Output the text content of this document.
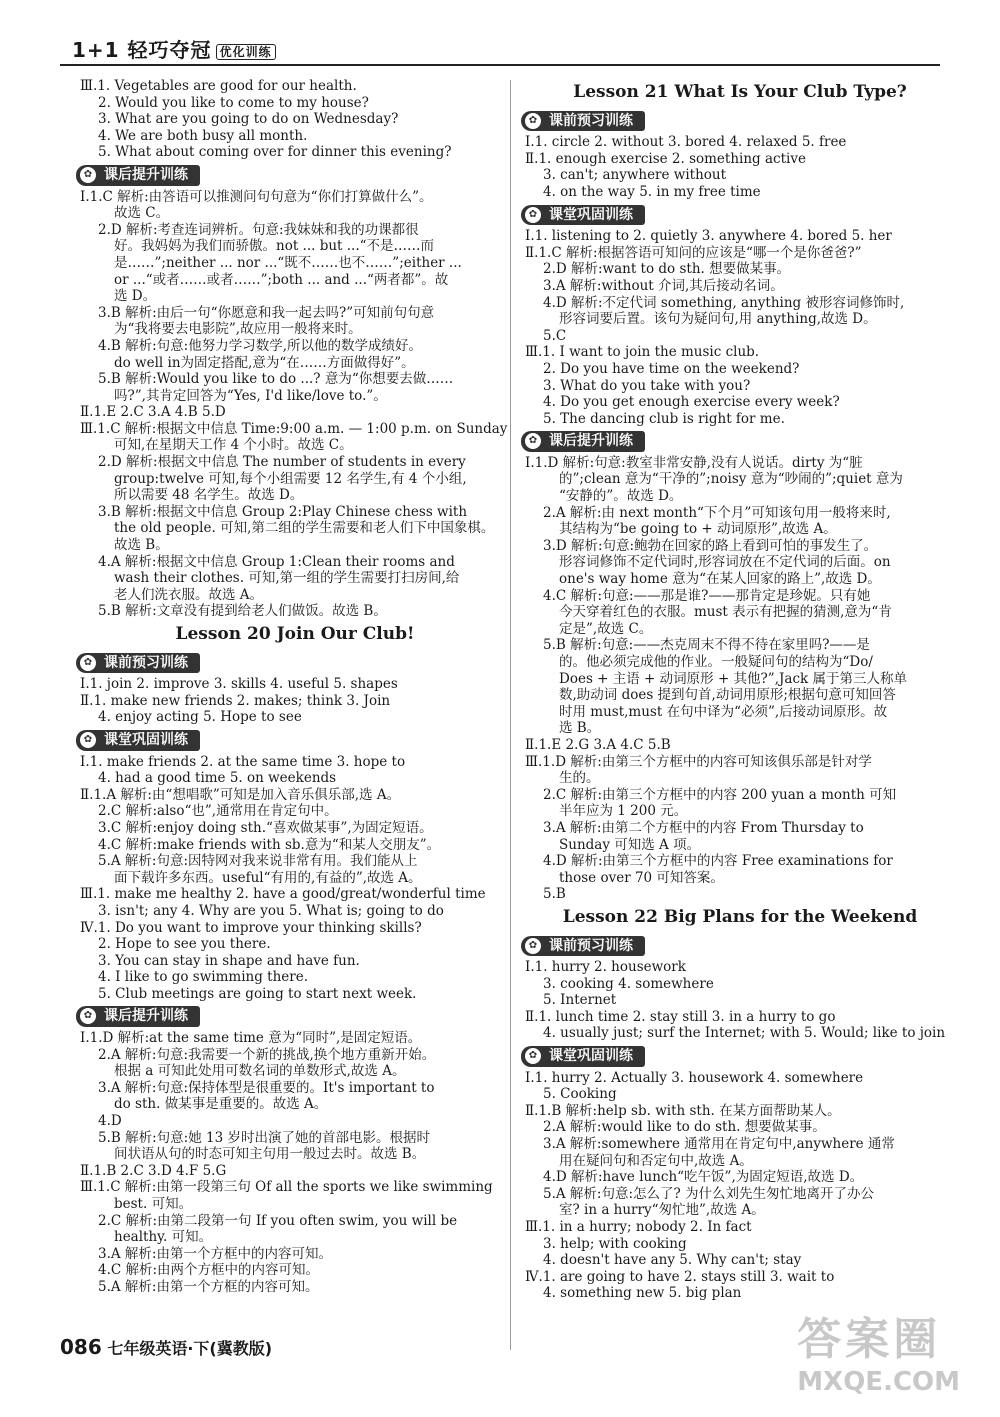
1+1 轻巧夺冠 优化训练
Ⅲ.1. Vegetables are good for our health.
2. Would you like to come to my house?
3. What are you going to do on Wednesday?
4. We are both busy all month.
5. What about coming over for dinner this evening?
✿ 课后提升训练
Ⅰ.1.C 解析:由答语可以推测问句句意为“你们打算做什么”。
故选 C。
2.D 解析:考查连词辨析。句意:我妹妹和我的功课都很
好。我妈妈为我们而骄傲。not ... but ...“不是……而
是……”;neither ... nor ...“既不……也不……”;either ...
or ...“或者……或者……”;both ... and ...“两者都”。故
选 D。
3.B 解析:由后一句“你愿意和我一起去吗?”可知前句句意
为“我将要去电影院”,故应用一般将来时。
4.B 解析:句意:他努力学习数学,所以他的数学成绩好。
do well in为固定搭配,意为“在……方面做得好”。
5.B 解析:Would you like to do ...? 意为“你想要去做……
吗?”,其肯定回答为“Yes, I'd like/love to.”。
Ⅱ.1.E 2.C 3.A 4.B 5.D
Ⅲ.1.C 解析:根据文中信息 Time:9:00 a.m. — 1:00 p.m. on Sunday
可知,在星期天工作 4 个小时。故选 C。
2.D 解析:根据文中信息 The number of students in every
group:twelve 可知,每个小组需要 12 名学生,有 4 个小组,
所以需要 48 名学生。故选 D。
3.B 解析:根据文中信息 Group 2:Play Chinese chess with
the old people. 可知,第二组的学生需要和老人们下中国象棋。
故选 B。
4.A 解析:根据文中信息 Group 1:Clean their rooms and
wash their clothes. 可知,第一组的学生需要打扫房间,给
老人们洗衣服。故选 A。
5.B 解析:文章没有提到给老人们做饭。故选 B。
Lesson 20 Join Our Club!
✿ 课前预习训练
Ⅰ.1. join 2. improve 3. skills 4. useful 5. shapes
Ⅱ.1. make new friends 2. makes; think 3. Join
4. enjoy acting 5. Hope to see
✿ 课堂巩固训练
Ⅰ.1. make friends 2. at the same time 3. hope to
4. had a good time 5. on weekends
Ⅱ.1.A 解析:由“想唱歌”可知是加入音乐俱乐部,选 A。
2.C 解析:also“也”,通常用在肯定句中。
3.C 解析:enjoy doing sth.“喜欢做某事”,为固定短语。
4.C 解析:make friends with sb.意为“和某人交朋友”。
5.A 解析:句意:因特网对我来说非常有用。我们能从上
面下载许多东西。useful“有用的,有益的”,故选 A。
Ⅲ.1. make me healthy 2. have a good/great/wonderful time
3. isn't; any 4. Why are you 5. What is; going to do
Ⅳ.1. Do you want to improve your thinking skills?
2. Hope to see you there.
3. You can stay in shape and have fun.
4. I like to go swimming there.
5. Club meetings are going to start next week.
✿ 课后提升训练
Ⅰ.1.D 解析:at the same time 意为“同时”,是固定短语。
2.A 解析:句意:我需要一个新的挑战,换个地方重新开始。
根据 a 可知此处用可数名词的单数形式,故选 A。
3.A 解析:句意:保持体型是很重要的。It's important to
do sth. 做某事是重要的。故选 A。
4.D
5.B 解析:句意:她 13 岁时出演了她的首部电影。根据时
间状语从句的时态可知主句用一般过去时。故选 B。
Ⅱ.1.B 2.C 3.D 4.F 5.G
Ⅲ.1.C 解析:由第一段第三句 Of all the sports we like swimming
best. 可知。
2.C 解析:由第二段第一句 If you often swim, you will be
healthy. 可知。
3.A 解析:由第一个方框中的内容可知。
4.C 解析:由两个方框中的内容可知。
5.A 解析:由第一个方框的内容可知。
Lesson 21 What Is Your Club Type?
✿ 课前预习训练
Ⅰ.1. circle 2. without 3. bored 4. relaxed 5. free
Ⅱ.1. enough exercise 2. something active
3. can't; anywhere without
4. on the way 5. in my free time
✿ 课堂巩固训练
Ⅰ.1. listening to 2. quietly 3. anywhere 4. bored 5. her
Ⅱ.1.C 解析:根据答语可知问的应该是“哪一个是你爸爸?”
2.D 解析:want to do sth. 想要做某事。
3.A 解析:without 介词,其后接动名词。
4.D 解析:不定代词 something, anything 被形容词修饰时,
形容词要后置。该句为疑问句,用 anything,故选 D。
5.C
Ⅲ.1. I want to join the music club.
2. Do you have time on the weekend?
3. What do you take with you?
4. Do you get enough exercise every week?
5. The dancing club is right for me.
✿ 课后提升训练
Ⅰ.1.D 解析:句意:教室非常安静,没有人说话。dirty 为“脏
的”;clean 意为“干净的”;noisy 意为“吵闹的”;quiet 意为
“安静的”。故选 D。
2.A 解析:由 next month“下个月”可知该句用一般将来时,
其结构为“be going to + 动词原形”,故选 A。
3.D 解析:句意:鲍勃在回家的路上看到可怕的事发生了。
形容词修饰不定代词时,形容词放在不定代词的后面。on
one's way home 意为“在某人回家的路上”,故选 D。
4.C 解析:句意:——那是谁?——那肯定是珍妮。只有她
今天穿着红色的衣服。must 表示有把握的猜测,意为“肯
定是”,故选 C。
5.B 解析:句意:——杰克周末不得不待在家里吗?——是
的。他必须完成他的作业。一般疑问句的结构为“Do/
Does + 主语 + 动词原形 + 其他?”,Jack 属于第三人称单
数,助动词 does 提到句首,动词用原形;根据句意可知回答
时用 must,must 在句中译为“必须”,后接动词原形。故
选 B。
Ⅱ.1.E 2.G 3.A 4.C 5.B
Ⅲ.1.D 解析:由第三个方框中的内容可知该俱乐部是针对学
生的。
2.C 解析:由第三个方框中的内容 200 yuan a month 可知
半年应为 1 200 元。
3.A 解析:由第二个方框中的内容 From Thursday to
Sunday 可知选 A 项。
4.D 解析:由第三个方框中的内容 Free examinations for
those over 70 可知答案。
5.B
Lesson 22 Big Plans for the Weekend
✿ 课前预习训练
Ⅰ.1. hurry 2. housework
3. cooking 4. somewhere
5. Internet
Ⅱ.1. lunch time 2. stay still 3. in a hurry to go
4. usually just; surf the Internet; with 5. Would; like to join
✿ 课堂巩固训练
Ⅰ.1. hurry 2. Actually 3. housework 4. somewhere
5. Cooking
Ⅱ.1.B 解析:help sb. with sth. 在某方面帮助某人。
2.A 解析:would like to do sth. 想要做某事。
3.A 解析:somewhere 通常用在肯定句中,anywhere 通常
用在疑问句和否定句中,故选 A。
4.D 解析:have lunch“吃午饭”,为固定短语,故选 D。
5.A 解析:句意:怎么了? 为什么刘先生匆忙地离开了办公
室? in a hurry“匆忙地”,故选 A。
Ⅲ.1. in a hurry; nobody 2. In fact
3. help; with cooking
4. doesn't have any 5. Why can't; stay
Ⅳ.1. are going to have 2. stays still 3. wait to
4. something new 5. big plan
086 七年级英语·下(冀教版)	答案圈
MXQE.COM
